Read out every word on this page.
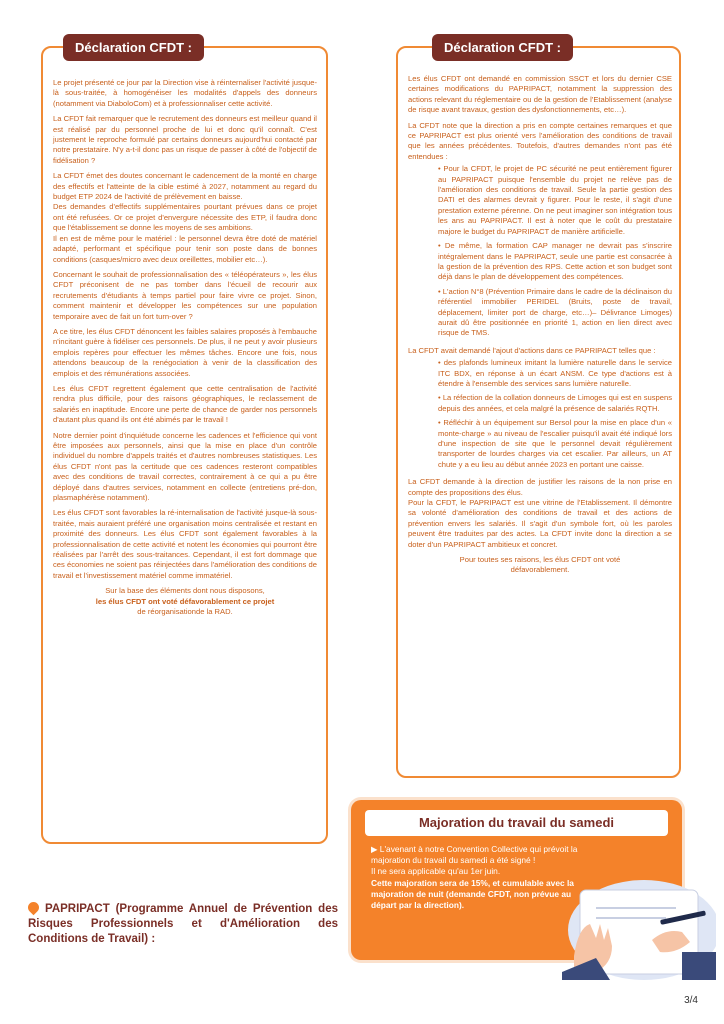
Déclaration CFDT :

Le projet présenté ce jour par la Direction vise à réinternaliser l'activité jusque-là sous-traitée, à homogénéiser les modalités d'appels des donneurs (notamment via DiaboloCom) et à professionnaliser cette activité.

La CFDT fait remarquer que le recrutement des donneurs est meilleur quand il est réalisé par du personnel proche de lui et donc qu'il connaît. C'est justement le reproche formulé par certains donneurs aujourd'hui contacté par notre prestataire. N'y a-t-il donc pas un risque de passer à côté de l'objectif de fidélisation ?

La CFDT émet des doutes concernant le cadencement de la monté en charge des effectifs et l'atteinte de la cible estimé à 2027, notamment au regard du budget ETP 2024 de l'activité de prélèvement en baisse.

Des demandes d'effectifs supplémentaires pourtant prévues dans ce projet ont été refusées. Or ce projet d'envergure nécessite des ETP, il faudra donc que l'établissement se donne les moyens de ses ambitions.

Il en est de même pour le matériel : le personnel devra être doté de matériel adapté, performant et spécifique pour tenir son poste dans de bonnes conditions (casques/micro avec deux oreillettes, mobilier etc…).

Concernant le souhait de professionnalisation des « téléopérateurs », les élus CFDT préconisent de ne pas tomber dans l'écueil de recourir aux recrutements d'étudiants à temps partiel pour faire vivre ce projet. Sinon, comment maintenir et développer les compétences sur une population temporaire avec de fait un fort turn-over ?

A ce titre, les élus CFDT dénoncent les faibles salaires proposés à l'embauche n'incitant guère à fidéliser ces personnels. De plus, il ne peut y avoir plusieurs emplois repères pour effectuer les mêmes tâches. Encore une fois, nous attendons beaucoup de la renégociation à venir de la classification des emplois et des rémunérations associées.

Les élus CFDT regrettent également que cette centralisation de l'activité rendra plus difficile, pour des raisons géographiques, le reclassement de salariés en inaptitude. Encore une perte de chance de garder nos personnels d'autant plus quand ils ont été abimés par le travail !

Notre dernier point d'inquiétude concerne les cadences et l'efficience qui vont être imposées aux personnels, ainsi que la mise en place d'un contrôle individuel du nombre d'appels traités et d'autres nombreuses statistiques. Les élus CFDT n'ont pas la certitude que ces cadences resteront compatibles avec des conditions de travail correctes, contrairement à ce qui a pu être déployé dans d'autres services, notamment en collecte (entretiens pré-don, plasmaphérèse notamment).

Les élus CFDT sont favorables la ré-internalisation de l'activité jusque-là sous-traitée, mais auraient préféré une organisation moins centralisée et restant en proximité des donneurs. Les élus CFDT sont également favorables à la professionnalisation de cette activité et notent les économies qui pourront être réalisées par l'arrêt des sous-traitances. Cependant, il est fort dommage que ces économies ne soient pas réinjectées dans l'amélioration des conditions de travail et l'investissement matériel comme immatériel.

Sur la base des éléments dont nous disposons,
les élus CFDT ont voté défavorablement ce projet
de réorganisationde la RAD.
Déclaration CFDT :

Les élus CFDT ont demandé en commission SSCT et lors du dernier CSE certaines modifications du PAPRIPACT, notamment la suppression des actions relevant du réglementaire ou de la gestion de l'Etablissement (analyse de risque avant travaux, gestion des dysfonctionnements, etc…).

La CFDT note que la direction a pris en compte certaines remarques et que ce PAPRIPACT est plus orienté vers l'amélioration des conditions de travail que les années précédentes. Toutefois, d'autres demandes n'ont pas été entendues :

• Pour la CFDT, le projet de PC sécurité ne peut entièrement figurer au PAPRIPACT puisque l'ensemble du projet ne relève pas de l'amélioration des conditions de travail. Seule la partie gestion des DATI et des alarmes devrait y figurer. Pour le reste, il s'agit d'une prestation externe pérenne. On ne peut imaginer son intégration tous les ans au PAPRIPACT. Il est à noter que le coût du prestataire majore le budget du PAPRIPACT de manière artificielle.
• De même, la formation CAP manager ne devrait pas s'inscrire intégralement dans le PAPRIPACT, seule une partie est consacrée à la gestion de la prévention des RPS. Cette action et son budget sont déjà dans le plan de développement des compétences.
• L'action N°8 (Prévention Primaire dans le cadre de la déclinaison du référentiel immobilier PERIDEL (Bruits, poste de travail, déplacement, limiter port de charge, etc…)– Délivrance Limoges) aurait dû être positionnée en priorité 1, action en lien direct avec risque de TMS.

La CFDT avait demandé l'ajout d'actions dans ce PAPRIPACT telles que :

• des plafonds lumineux imitant la lumière naturelle dans le service ITC BDX, en réponse à un écart ANSM. Ce type d'actions est à étendre à l'ensemble des services sans lumière naturelle.
• La réfection de la collation donneurs de Limoges qui est en suspens depuis des années, et cela malgré la présence de salariés RQTH.
• Réfléchir à un équipement sur Bersol pour la mise en place d'un « monte-charge » au niveau de l'escalier puisqu'il avait été indiqué lors d'une inspection de site que le personnel devait régulièrement transporter de lourdes charges via cet escalier. Par ailleurs, un AT chute y a eu lieu au début année 2023 en portant une caisse.

La CFDT demande à la direction de justifier les raisons de la non prise en compte des propositions des élus.

Pour la CFDT, le PAPRIPACT est une vitrine de l'Etablissement. Il démontre sa volonté d'amélioration des conditions de travail et des actions de prévention envers les salariés. Il s'agit d'un symbole fort, où les paroles peuvent être traduites par des actes. La CFDT invite donc la direction a se doter d'un PAPRIPACT ambitieux et concret.

Pour toutes ses raisons, les élus CFDT ont voté
défavorablement.
Majoration du travail du samedi
▶ L'avenant à notre Convention Collective qui prévoit la majoration du travail du samedi a été signé !
Il ne sera applicable qu'au 1er juin.
Cette majoration sera de 15%, et cumulable avec la majoration de nuit (demande CFDT, non prévue au départ par la direction).
PAPRIPACT (Programme Annuel de Prévention des Risques Professionnels et d'Amélioration des Conditions de Travail) :
3/4
